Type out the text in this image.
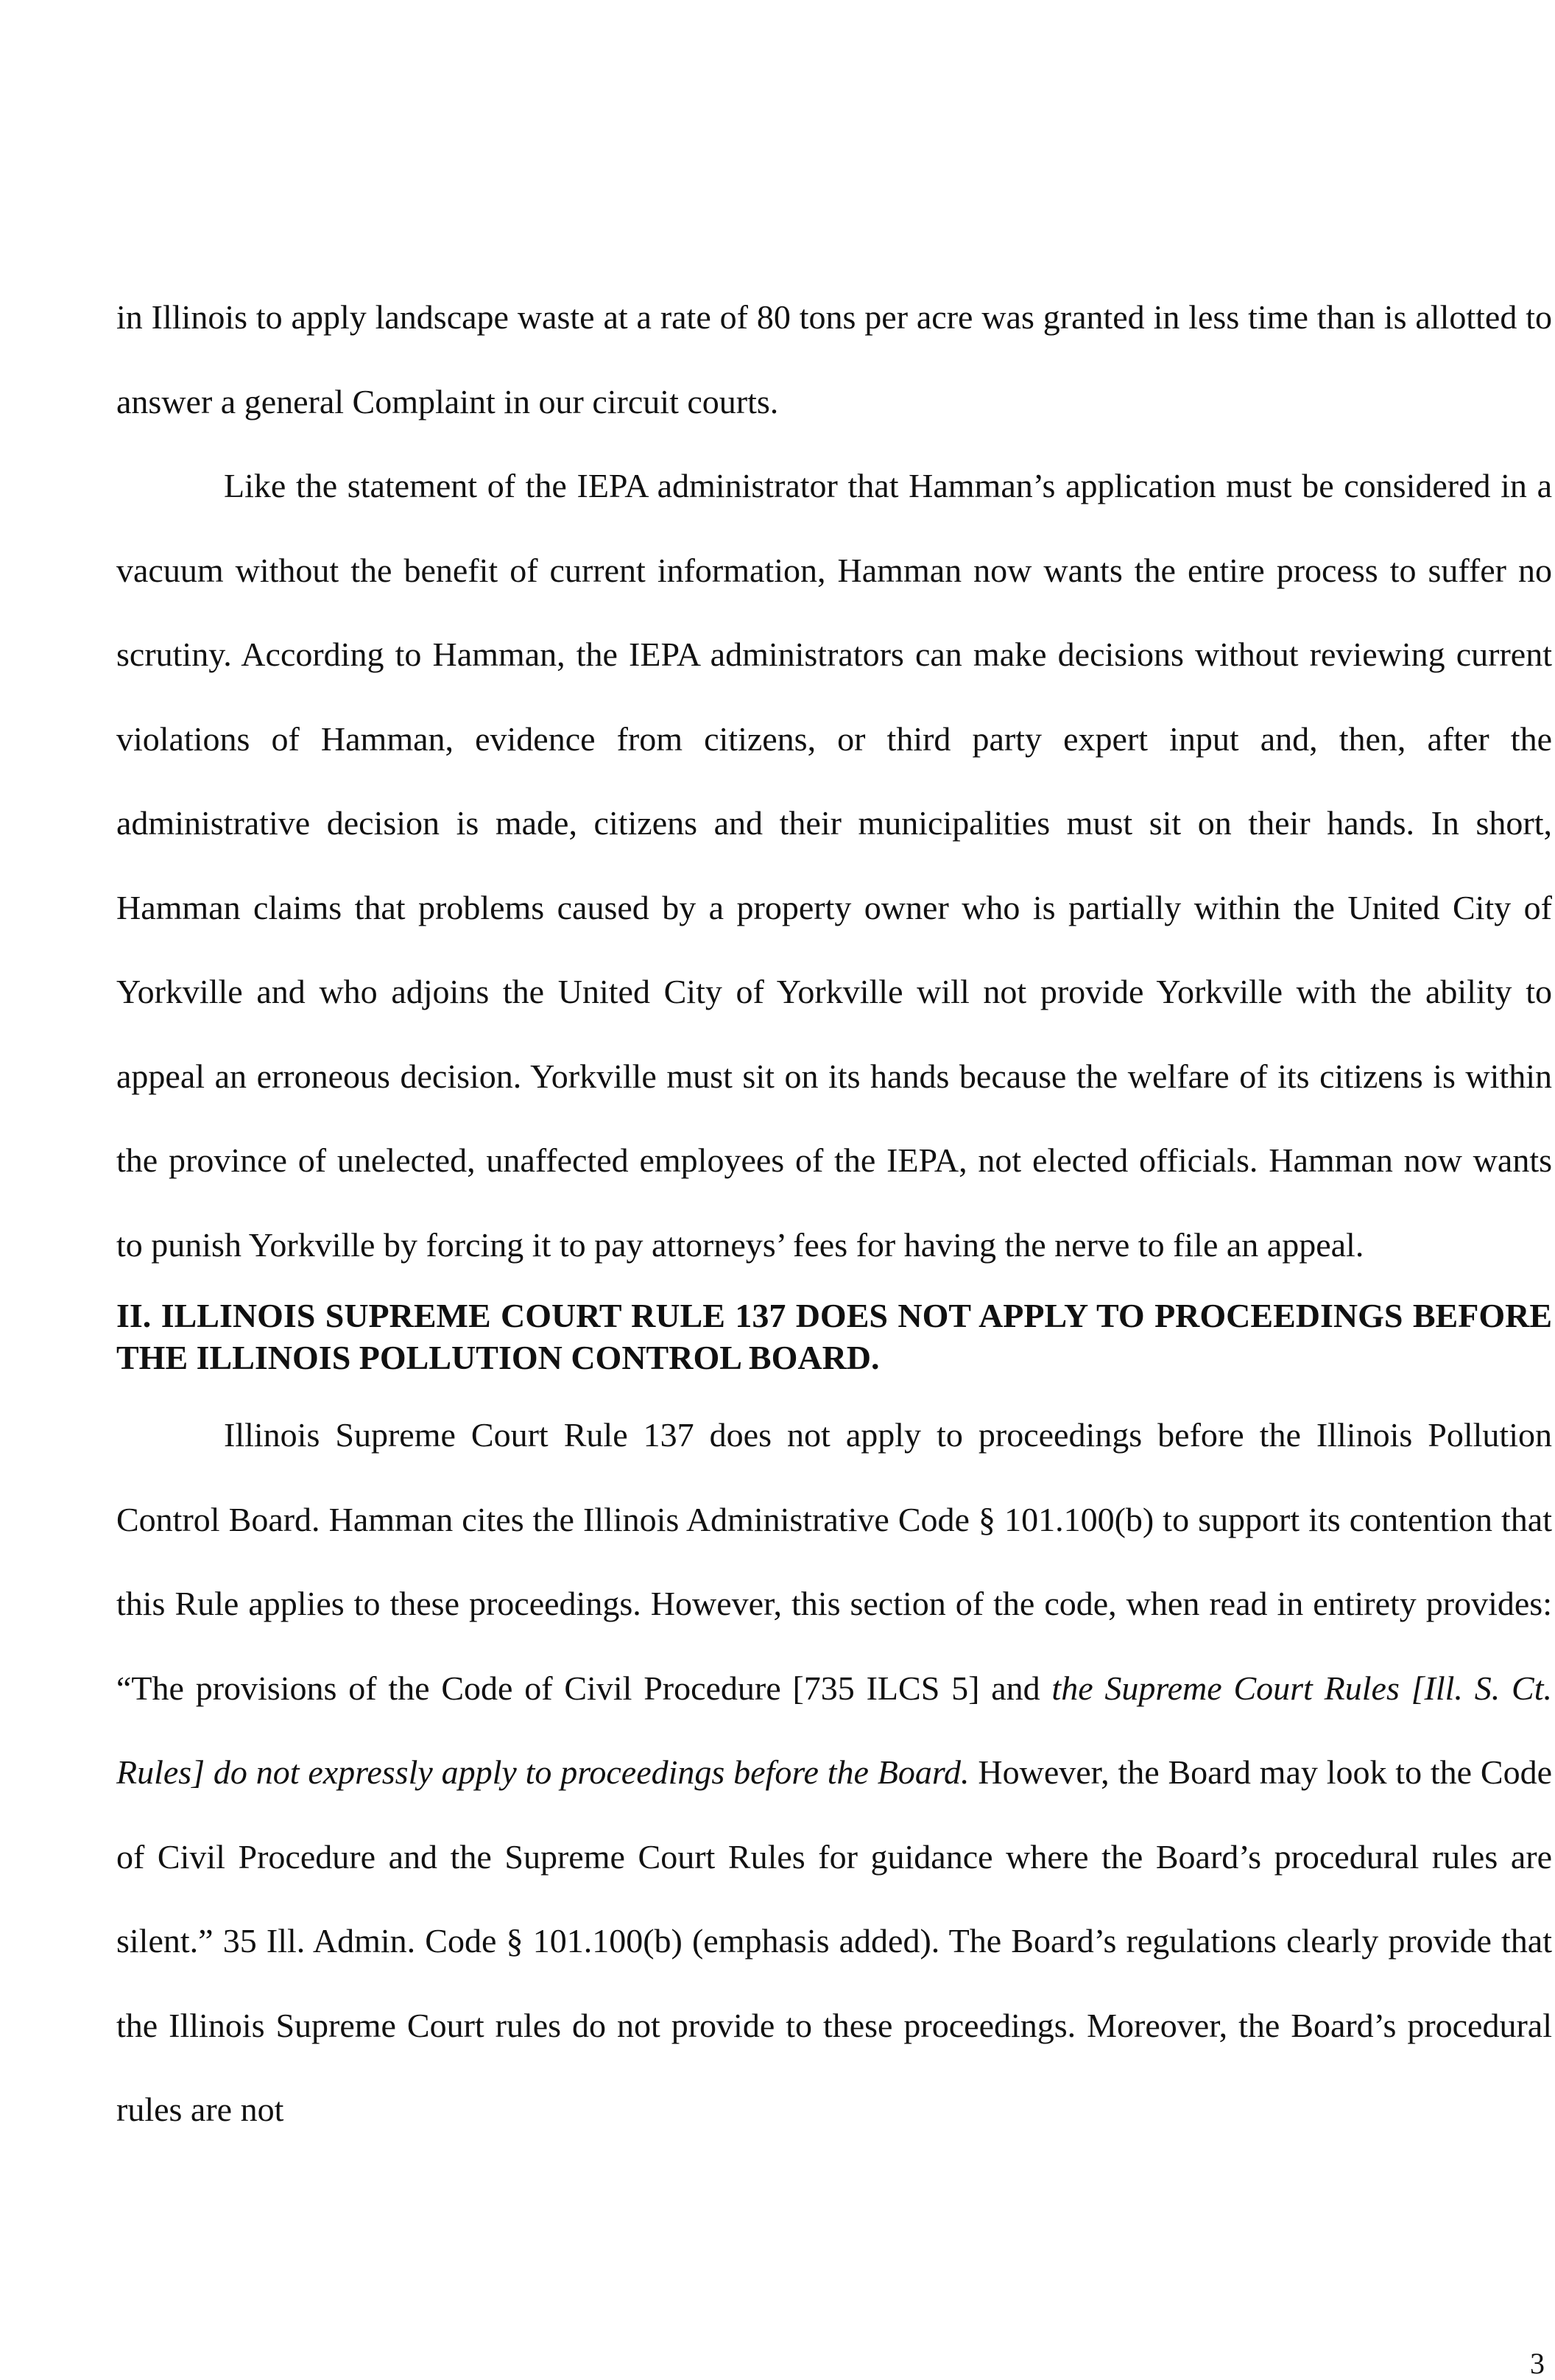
in Illinois to apply landscape waste at a rate of 80 tons per acre was granted in less time than is allotted to answer a general Complaint in our circuit courts.

Like the statement of the IEPA administrator that Hamman’s application must be considered in a vacuum without the benefit of current information, Hamman now wants the entire process to suffer no scrutiny. According to Hamman, the IEPA administrators can make decisions without reviewing current violations of Hamman, evidence from citizens, or third party expert input and, then, after the administrative decision is made, citizens and their municipalities must sit on their hands. In short, Hamman claims that problems caused by a property owner who is partially within the United City of Yorkville and who adjoins the United City of Yorkville will not provide Yorkville with the ability to appeal an erroneous decision. Yorkville must sit on its hands because the welfare of its citizens is within the province of unelected, unaffected employees of the IEPA, not elected officials. Hamman now wants to punish Yorkville by forcing it to pay attorneys’ fees for having the nerve to file an appeal.

II. ILLINOIS SUPREME COURT RULE 137 DOES NOT APPLY TO PROCEEDINGS BEFORE THE ILLINOIS POLLUTION CONTROL BOARD.

Illinois Supreme Court Rule 137 does not apply to proceedings before the Illinois Pollution Control Board. Hamman cites the Illinois Administrative Code § 101.100(b) to support its contention that this Rule applies to these proceedings. However, this section of the code, when read in entirety provides: “The provisions of the Code of Civil Procedure [735 ILCS 5] and the Supreme Court Rules [Ill. S. Ct. Rules] do not expressly apply to proceedings before the Board. However, the Board may look to the Code of Civil Procedure and the Supreme Court Rules for guidance where the Board’s procedural rules are silent.” 35 Ill. Admin. Code § 101.100(b) (emphasis added). The Board’s regulations clearly provide that the Illinois Supreme Court rules do not provide to these proceedings. Moreover, the Board’s procedural rules are not

3
